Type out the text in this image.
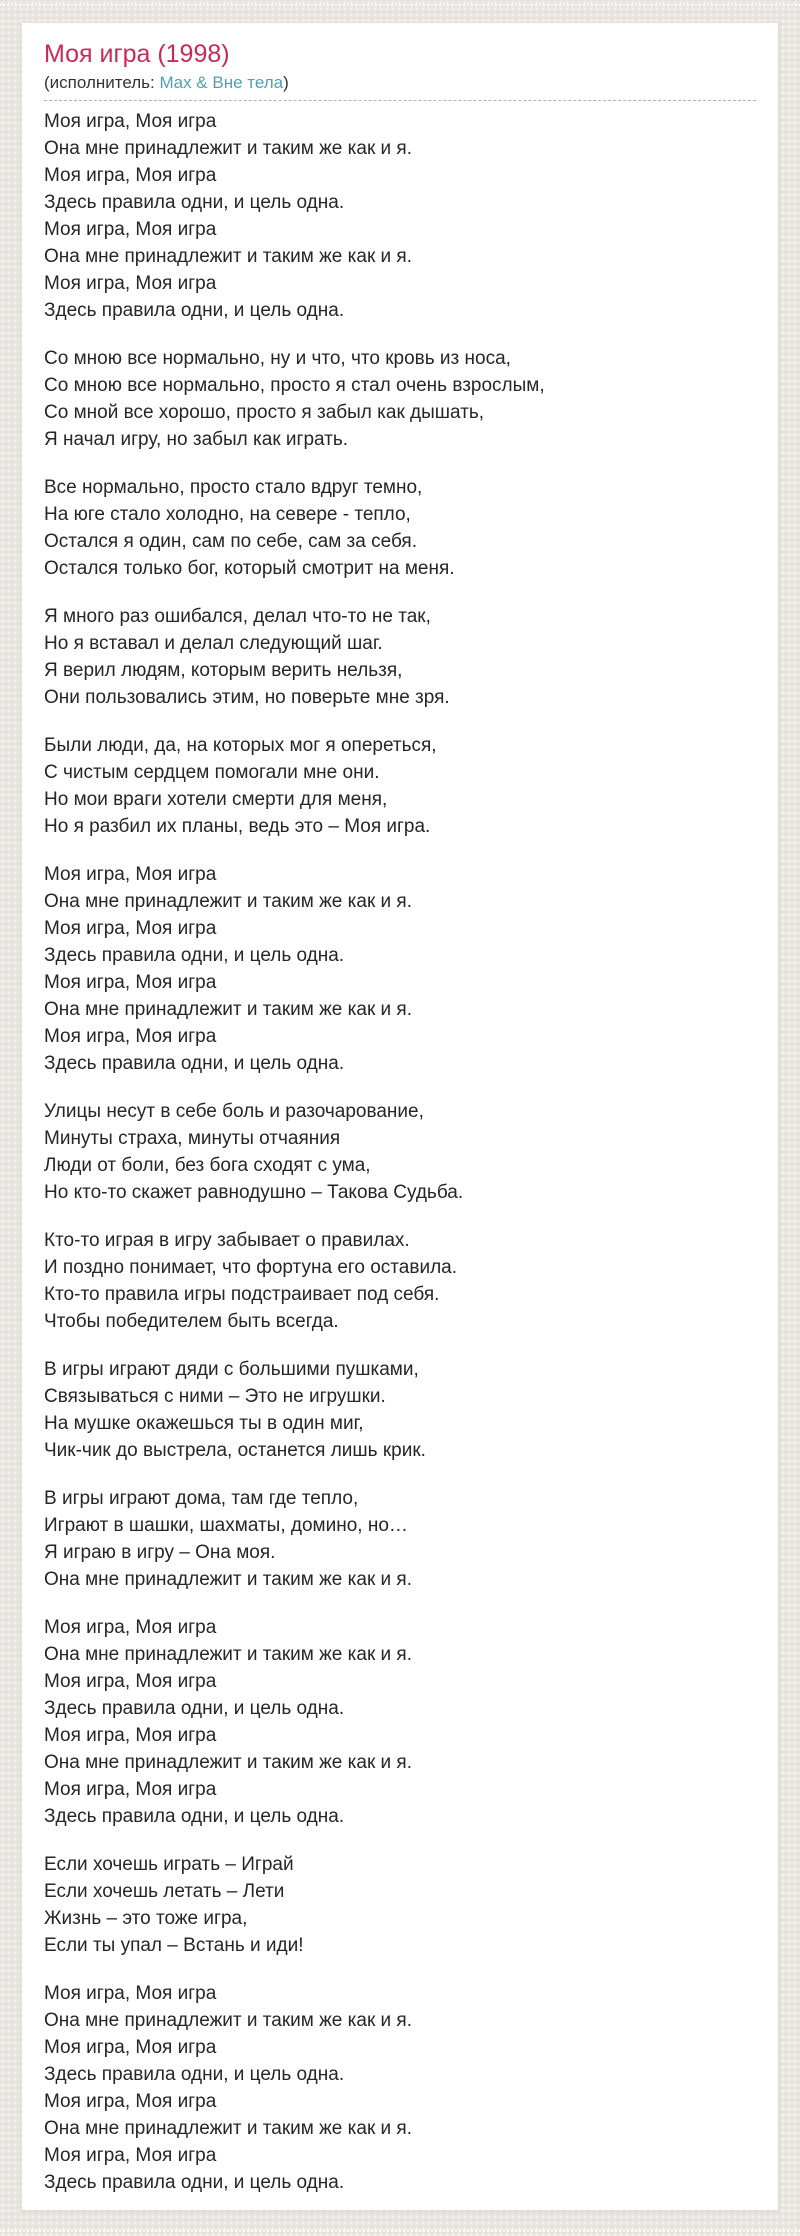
Моя игра (1998)
(исполнитель: Max & Вне тела)

Моя игра, Моя игра
Она мне принадлежит и таким же как и я.
Моя игра, Моя игра
Здесь правила одни, и цель одна.
Моя игра, Моя игра
Она мне принадлежит и таким же как и я.
Моя игра, Моя игра
Здесь правила одни, и цель одна.

Со мною все нормально, ну и что, что кровь из носа,
Со мною все нормально, просто я стал очень взрослым,
Со мной все хорошо, просто я забыл как дышать,
Я начал игру, но забыл как играть.

Все нормально, просто стало вдруг темно,
На юге стало холодно, на севере - тепло,
Остался я один, сам по себе, сам за себя.
Остался только бог, который смотрит на меня.

Я много раз ошибался, делал что-то не так,
Но я вставал и делал следующий шаг.
Я верил людям, которым верить нельзя,
Они пользовались этим, но поверьте мне зря.

Были люди, да, на которых мог я опереться,
С чистым сердцем помогали мне они.
Но мои враги хотели смерти для меня,
Но я разбил их планы, ведь это – Моя игра.

Моя игра, Моя игра
Она мне принадлежит и таким же как и я.
Моя игра, Моя игра
Здесь правила одни, и цель одна.
Моя игра, Моя игра
Она мне принадлежит и таким же как и я.
Моя игра, Моя игра
Здесь правила одни, и цель одна.

Улицы несут в себе боль и разочарование,
Минуты страха, минуты отчаяния
Люди от боли, без бога сходят с ума,
Но кто-то скажет равнодушно – Такова Судьба.

Кто-то играя в игру забывает о правилах.
И поздно понимает, что фортуна его оставила.
Кто-то правила игры подстраивает под себя.
Чтобы победителем быть всегда.

В игры играют дяди с большими пушками,
Связываться с ними – Это не игрушки.
На мушке окажешься ты в один миг,
Чик-чик до выстрела, останется лишь крик.

В игры играют дома, там где тепло,
Играют в шашки, шахматы, домино, но…
Я играю в игру – Она моя.
Она мне принадлежит и таким же как и я.

Моя игра, Моя игра
Она мне принадлежит и таким же как и я.
Моя игра, Моя игра
Здесь правила одни, и цель одна.
Моя игра, Моя игра
Она мне принадлежит и таким же как и я.
Моя игра, Моя игра
Здесь правила одни, и цель одна.

Если хочешь играть – Играй
Если хочешь летать – Лети
Жизнь – это тоже игра,
Если ты упал – Встань и иди!

Моя игра, Моя игра
Она мне принадлежит и таким же как и я.
Моя игра, Моя игра
Здесь правила одни, и цель одна.
Моя игра, Моя игра
Она мне принадлежит и таким же как и я.
Моя игра, Моя игра
Здесь правила одни, и цель одна.
